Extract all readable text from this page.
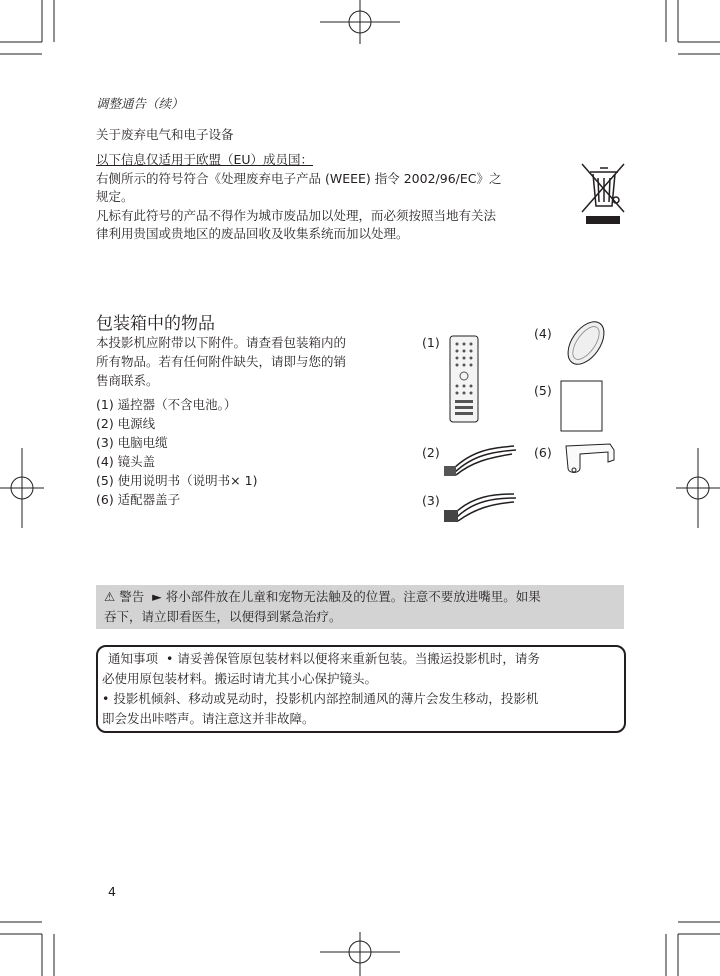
调整通告（续）
关于废弃电气和电子设备
以下信息仅适用于欧盟（EU）成员国：
右侧所示的符号符合《处理废弃电子产品 (WEEE) 指令 2002/96/EC》之
规定。
凡标有此符号的产品不得作为城市废品加以处理，而必须按照当地有关法
律利用贵国或贵地区的废品回收及收集系统而加以处理。
包装箱中的物品
本投影机应附带以下附件。请查看包装箱内的
所有物品。若有任何附件缺失，请即与您的销
售商联系。
(1) 遥控器（不含电池。）
(2) 电源线
(3) 电脑电缆
(4) 镜头盖
(5) 使用说明书（说明书× 1)
(6) 适配器盖子
(1)
(2)
(3)
(4)
(5)
(6)
⚠ 警告 ► 将小部件放在儿童和宠物无法触及的位置。注意不要放进嘴里。如果
吞下，请立即看医生，以便得到紧急治疗。
通知事项 • 请妥善保管原包装材料以便将来重新包装。当搬运投影机时，请务
必使用原包装材料。搬运时请尤其小心保护镜头。
• 投影机倾斜、移动或晃动时，投影机内部控制通风的薄片会发生移动，投影机
即会发出咔嗒声。请注意这并非故障。
4
